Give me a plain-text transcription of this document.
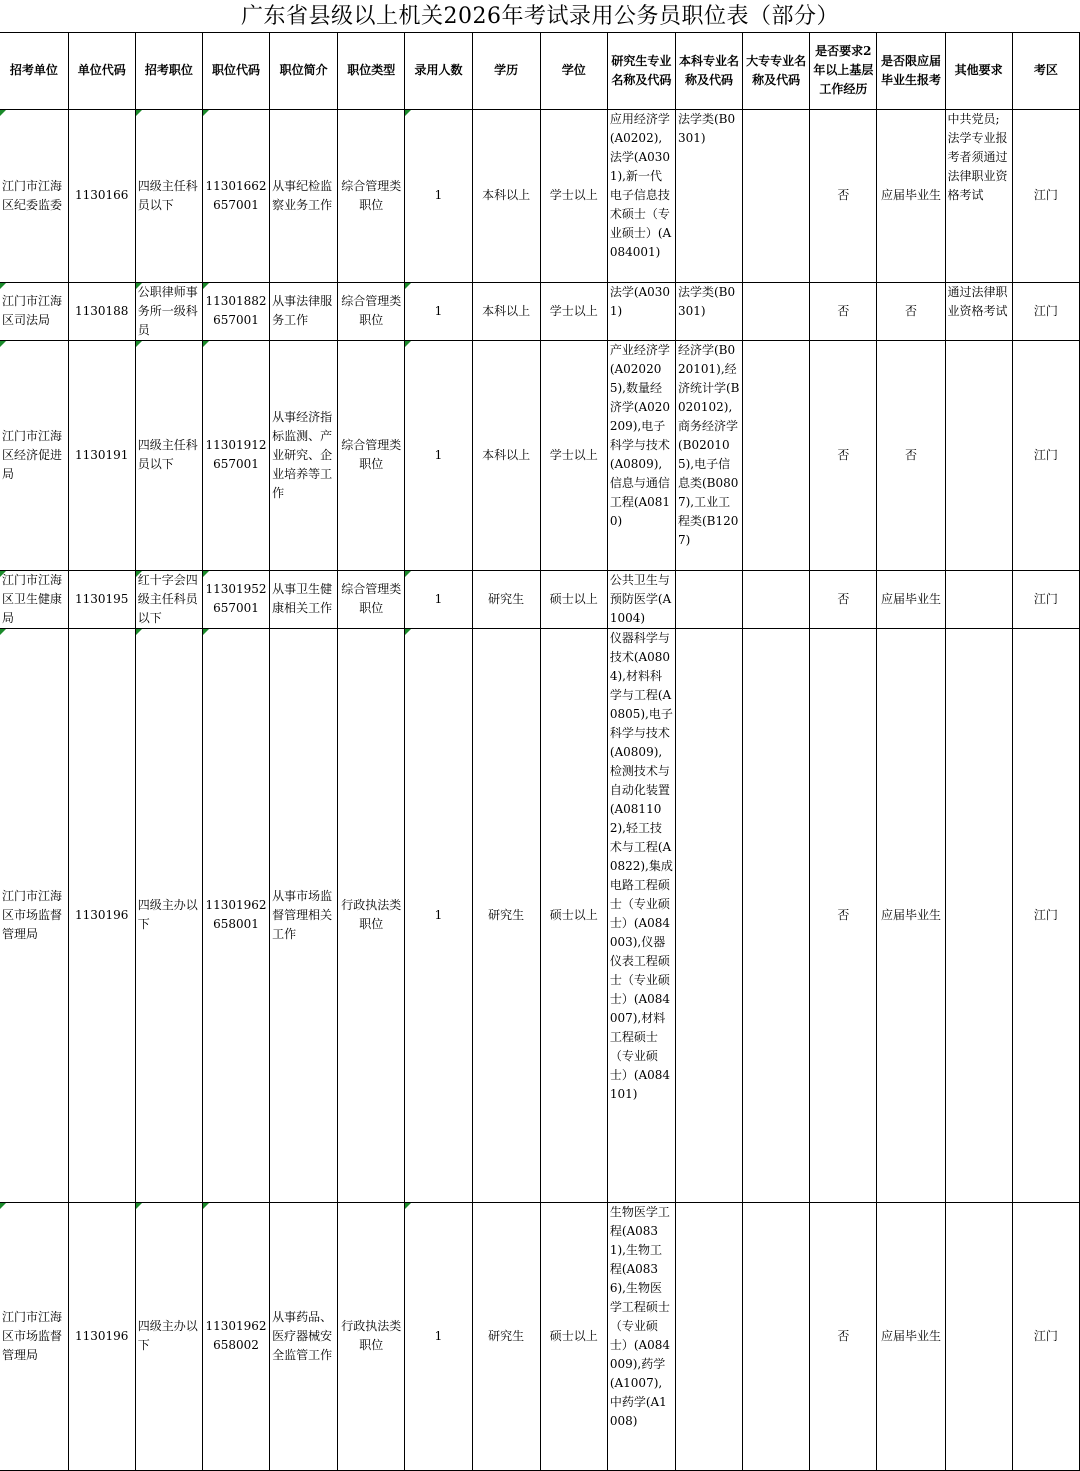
广东省县级以上机关2026年考试录用公务员职位表（部分）
招考单位	单位代码	招考职位	职位代码	职位简介	职位类型	录用人数	学历	学位	研究生专业名称及代码	本科专业名称及代码	大专专业名称及代码	是否要求2年以上基层工作经历	是否限应届毕业生报考	其他要求	考区
江门市江海区纪委监委	1130166	四级主任科员以下	11301662657001	从事纪检监察业务工作	综合管理类职位	1	本科以上	学士以上	应用经济学(A0202),法学(A0301),新一代电子信息技术硕士（专业硕士）(A084001)	法学类(B0301)		否	应届毕业生	中共党员;法学专业报考者须通过法律职业资格考试	江门
江门市江海区司法局	1130188	公职律师事务所一级科员	11301882657001	从事法律服务工作	综合管理类职位	1	本科以上	学士以上	法学(A0301)	法学类(B0301)		否	否	通过法律职业资格考试	江门
江门市江海区经济促进局	1130191	四级主任科员以下	11301912657001	从事经济指标监测、产业研究、企业培养等工作	综合管理类职位	1	本科以上	学士以上	产业经济学(A020205),数量经济学(A020209),电子科学与技术(A0809),信息与通信工程(A0810)	经济学(B020101),经济统计学(B020102),商务经济学(B020105),电子信息类(B0807),工业工程类(B1207)		否	否		江门
江门市江海区卫生健康局	1130195	红十字会四级主任科员以下	11301952657001	从事卫生健康相关工作	综合管理类职位	1	研究生	硕士以上	公共卫生与预防医学(A1004)			否	应届毕业生		江门
江门市江海区市场监督管理局	1130196	四级主办以下	11301962658001	从事市场监督管理相关工作	行政执法类职位	1	研究生	硕士以上	仪器科学与技术(A0804),材料科学与工程(A0805),电子科学与技术(A0809),检测技术与自动化装置(A081102),轻工技术与工程(A0822),集成电路工程硕士（专业硕士）(A084003),仪器仪表工程硕士（专业硕士）(A084007),材料工程硕士（专业硕士）(A084101)			否	应届毕业生		江门
江门市江海区市场监督管理局	1130196	四级主办以下	11301962658002	从事药品、医疗器械安全监管工作	行政执法类职位	1	研究生	硕士以上	生物医学工程(A0831),生物工程(A0836),生物医学工程硕士（专业硕士）(A084009),药学(A1007),中药学(A1008)			否	应届毕业生		江门
